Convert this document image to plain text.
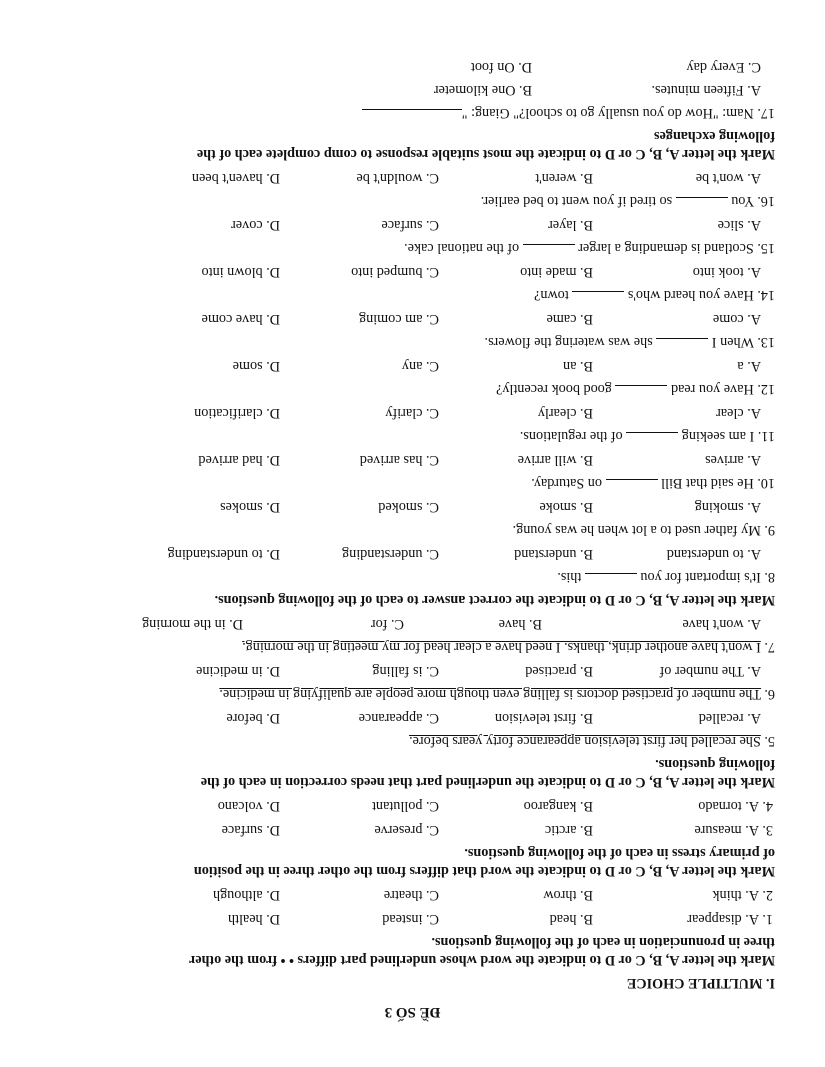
ĐỀ SỐ 3
I. MULTIPLE CHOICE
Mark the letter A, B, C or D to indicate the word whose underlined part differs • • from the other
three in pronunciation in each of the following questions.
1.
A. disappear
B. head
C. instead
D. health
2.
A. think
B. throw
C. theatre
D. although
Mark the letter A, B, C or D to indicate the word that differs from the other three in the position
of primary stress in each of the following questions.
3.
A. measure
B. arctic
C. preserve
D. surface
4.
A. tornado
B. kangaroo
C. pollutant
D. volcano
Mark the letter A, B, C or D to indicate the underlined part that needs correction in each of the
following questions.
5. She recalled her first television appearance forty years before.
A. recalled
B. first television
C. appearance
D. before
6. The number of practised doctors is falling even though more people are qualifying in medicine.
A. The number of
B. practised
C. is falling
D. in medicine
7. I won't have another drink, thanks. I need have a clear head for my meeting in the morning.
A. won't have
B. have
C. for
D. in the morning
Mark the letter A, B, C or D to indicate the correct answer to each of the following questions.
8. It's important for you  this.
A. to understand
B. understand
C. understanding
D. to understanding
9. My father used to a lot when he was young.
A. smoking
B. smoke
C. smoked
D. smokes
10. He said that Bill  on Saturday.
A. arrives
B. will arrive
C. has arrived
D. had arrived
11. I am seeking  of the regulations.
A. clear
B. clearly
C. clarify
D. clarification
12. Have you read  good book recently?
A. a
B. an
C. any
D. some
13. When I  she was watering the flowers.
A. come
B. came
C. am coming
D. have come
14. Have you heard who's  town?
A. took into
B. made into
C. bumped into
D. blown into
15. Scotland is demanding a larger  of the national cake.
A. slice
B. layer
C. surface
D. cover
16. You  so tired if you went to bed earlier.
A. won't be
B. weren't
C. wouldn't be
D. haven't been
Mark the letter A, B, C or D to indicate the most suitable response to comp complete each of the
following exchanges
17. Nam: "How do you usually go to school?" Giang: "
A. Fifteen minutes.
B. One kilometer
C. Every day
D. On foot
